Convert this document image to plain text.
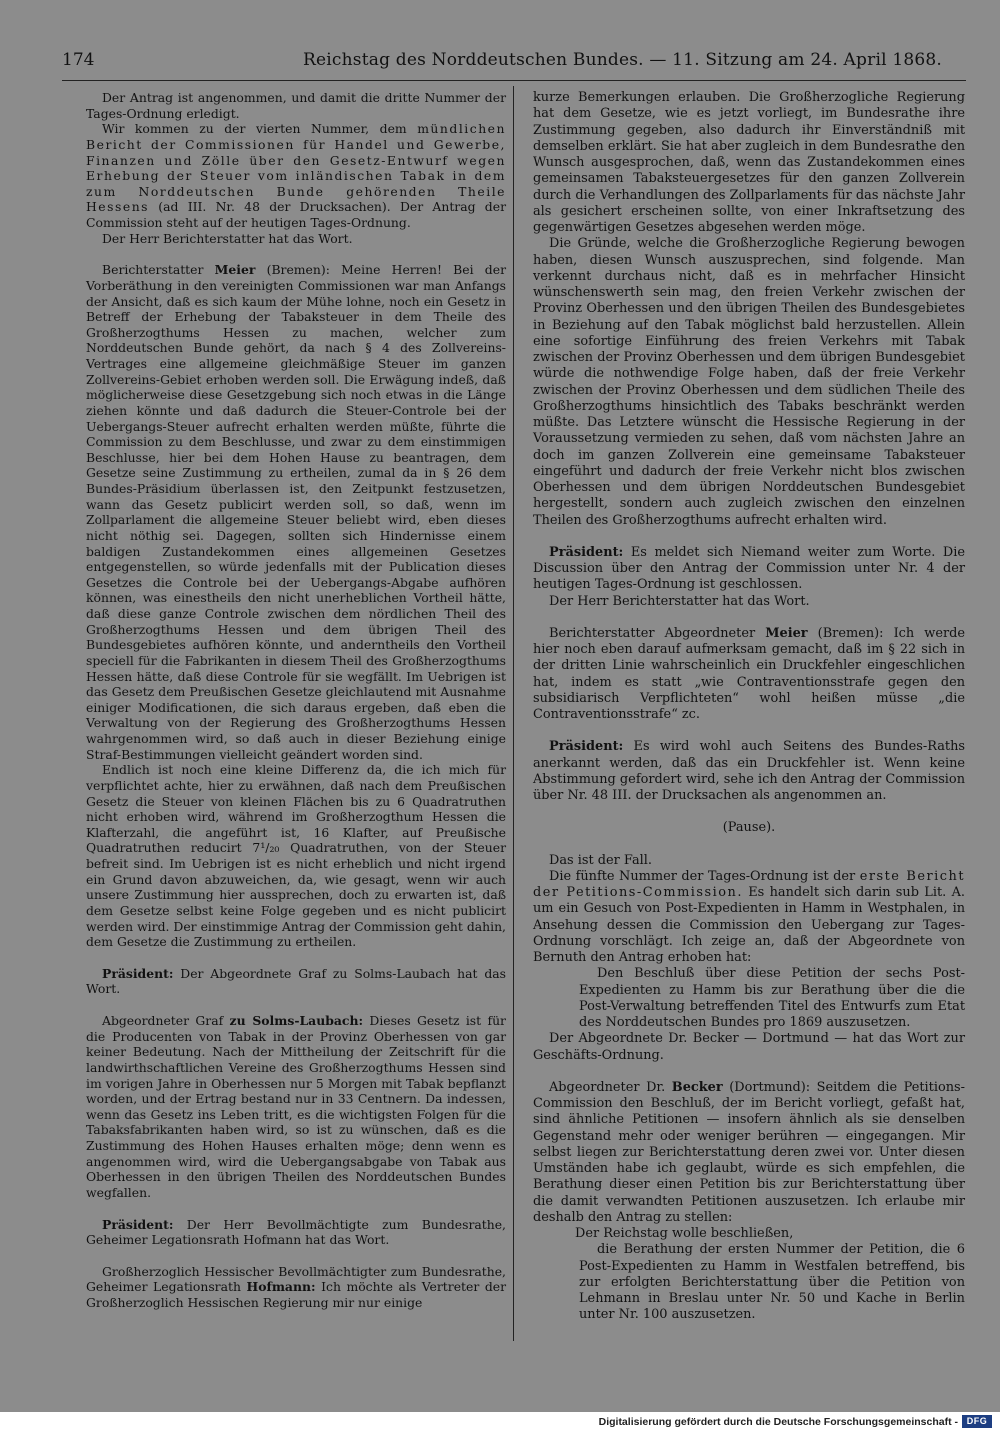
174	Reichstag des Norddeutschen Bundes. — 11. Sitzung am 24. April 1868.

Der Antrag ist angenommen, und damit die dritte Nummer der Tages-Ordnung erledigt.

Wir kommen zu der vierten Nummer, dem mündlichen Bericht der Commissionen für Handel und Gewerbe, Finanzen und Zölle über den Gesetz-Entwurf wegen Erhebung der Steuer vom inländischen Tabak in dem zum Norddeutschen Bunde gehörenden Theile Hessens (ad III. Nr. 48 der Drucksachen). Der Antrag der Commission steht auf der heutigen Tages-Ordnung.

Der Herr Berichterstatter hat das Wort.

Berichterstatter Meier (Bremen): Meine Herren! Bei der Vorberäthung in den vereinigten Commissionen war man Anfangs der Ansicht, daß es sich kaum der Mühe lohne, noch ein Gesetz in Betreff der Erhebung der Tabaksteuer in dem Theile des Großherzogthums Hessen zu machen, welcher zum Norddeutschen Bunde gehört, da nach § 4 des Zollvereins-Vertrages eine allgemeine gleichmäßige Steuer im ganzen Zollvereins-Gebiet erhoben werden soll. Die Erwägung indeß, daß möglicherweise diese Gesetzgebung sich noch etwas in die Länge ziehen könnte und daß dadurch die Steuer-Controle bei der Uebergangs-Steuer aufrecht erhalten werden müßte, führte die Commission zu dem Beschlusse, und zwar zu dem einstimmigen Beschlusse, hier bei dem Hohen Hause zu beantragen, dem Gesetze seine Zustimmung zu ertheilen, zumal da in § 26 dem Bundes-Präsidium überlassen ist, den Zeitpunkt festzusetzen, wann das Gesetz publicirt werden soll, so daß, wenn im Zollparlament die allgemeine Steuer beliebt wird, eben dieses nicht nöthig sei. Dagegen, sollten sich Hindernisse einem baldigen Zustandekommen eines allgemeinen Gesetzes entgegenstellen, so würde jedenfalls mit der Publication dieses Gesetzes die Controle bei der Uebergangs-Abgabe aufhören können, was einestheils den nicht unerheblichen Vortheil hätte, daß diese ganze Controle zwischen dem nördlichen Theil des Großherzogthums Hessen und dem übrigen Theil des Bundesgebietes aufhören könnte, und anderntheils den Vortheil speciell für die Fabrikanten in diesem Theil des Großherzogthums Hessen hätte, daß diese Controle für sie wegfällt. Im Uebrigen ist das Gesetz dem Preußischen Gesetze gleichlautend mit Ausnahme einiger Modificationen, die sich daraus ergeben, daß eben die Verwaltung von der Regierung des Großherzogthums Hessen wahrgenommen wird, so daß auch in dieser Beziehung einige Straf-Bestimmungen vielleicht geändert worden sind.

Endlich ist noch eine kleine Differenz da, die ich mich für verpflichtet achte, hier zu erwähnen, daß nach dem Preußischen Gesetz die Steuer von kleinen Flächen bis zu 6 Quadratruthen nicht erhoben wird, während im Großherzogthum Hessen die Klafterzahl, die angeführt ist, 16 Klafter, auf Preußische Quadratruthen reducirt 7¹/₂₀ Quadratruthen, von der Steuer befreit sind. Im Uebrigen ist es nicht erheblich und nicht irgend ein Grund davon abzuweichen, da, wie gesagt, wenn wir auch unsere Zustimmung hier aussprechen, doch zu erwarten ist, daß dem Gesetze selbst keine Folge gegeben und es nicht publicirt werden wird. Der einstimmige Antrag der Commission geht dahin, dem Gesetze die Zustimmung zu ertheilen.

Präsident: Der Abgeordnete Graf zu Solms-Laubach hat das Wort.

Abgeordneter Graf zu Solms-Laubach: Dieses Gesetz ist für die Producenten von Tabak in der Provinz Oberhessen von gar keiner Bedeutung. Nach der Mittheilung der Zeitschrift für die landwirthschaftlichen Vereine des Großherzogthums Hessen sind im vorigen Jahre in Oberhessen nur 5 Morgen mit Tabak bepflanzt worden, und der Ertrag bestand nur in 33 Centnern. Da indessen, wenn das Gesetz ins Leben tritt, es die wichtigsten Folgen für die Tabaksfabrikanten haben wird, so ist zu wünschen, daß es die Zustimmung des Hohen Hauses erhalten möge; denn wenn es angenommen wird, wird die Uebergangsabgabe von Tabak aus Oberhessen in den übrigen Theilen des Norddeutschen Bundes wegfallen.

Präsident: Der Herr Bevollmächtigte zum Bundesrathe, Geheimer Legationsrath Hofmann hat das Wort.

Großherzoglich Hessischer Bevollmächtigter zum Bundesrathe, Geheimer Legationsrath Hofmann: Ich möchte als Vertreter der Großherzoglich Hessischen Regierung mir nur einige

kurze Bemerkungen erlauben. Die Großherzogliche Regierung hat dem Gesetze, wie es jetzt vorliegt, im Bundesrathe ihre Zustimmung gegeben, also dadurch ihr Einverständniß mit demselben erklärt. Sie hat aber zugleich in dem Bundesrathe den Wunsch ausgesprochen, daß, wenn das Zustandekommen eines gemeinsamen Tabaksteuergesetzes für den ganzen Zollverein durch die Verhandlungen des Zollparlaments für das nächste Jahr als gesichert erscheinen sollte, von einer Inkraftsetzung des gegenwärtigen Gesetzes abgesehen werden möge.

Die Gründe, welche die Großherzogliche Regierung bewogen haben, diesen Wunsch auszusprechen, sind folgende. Man verkennt durchaus nicht, daß es in mehrfacher Hinsicht wünschenswerth sein mag, den freien Verkehr zwischen der Provinz Oberhessen und den übrigen Theilen des Bundesgebietes in Beziehung auf den Tabak möglichst bald herzustellen. Allein eine sofortige Einführung des freien Verkehrs mit Tabak zwischen der Provinz Oberhessen und dem übrigen Bundesgebiet würde die nothwendige Folge haben, daß der freie Verkehr zwischen der Provinz Oberhessen und dem südlichen Theile des Großherzogthums hinsichtlich des Tabaks beschränkt werden müßte. Das Letztere wünscht die Hessische Regierung in der Voraussetzung vermieden zu sehen, daß vom nächsten Jahre an doch im ganzen Zollverein eine gemeinsame Tabaksteuer eingeführt und dadurch der freie Verkehr nicht blos zwischen Oberhessen und dem übrigen Norddeutschen Bundesgebiet hergestellt, sondern auch zugleich zwischen den einzelnen Theilen des Großherzogthums aufrecht erhalten wird.

Präsident: Es meldet sich Niemand weiter zum Worte. Die Discussion über den Antrag der Commission unter Nr. 4 der heutigen Tages-Ordnung ist geschlossen.

Der Herr Berichterstatter hat das Wort.

Berichterstatter Abgeordneter Meier (Bremen): Ich werde hier noch eben darauf aufmerksam gemacht, daß im § 22 sich in der dritten Linie wahrscheinlich ein Druckfehler eingeschlichen hat, indem es statt „wie Contraventionsstrafe gegen den subsidiarisch Verpflichteten“ wohl heißen müsse „die Contraventionsstrafe“ zc.

Präsident: Es wird wohl auch Seitens des Bundes-Raths anerkannt werden, daß das ein Druckfehler ist. Wenn keine Abstimmung gefordert wird, sehe ich den Antrag der Commission über Nr. 48 III. der Drucksachen als angenommen an.

(Pause).

Das ist der Fall.

Die fünfte Nummer der Tages-Ordnung ist der erste Bericht der Petitions-Commission. Es handelt sich darin sub Lit. A. um ein Gesuch von Post-Expedienten in Hamm in Westphalen, in Ansehung dessen die Commission den Uebergang zur Tages-Ordnung vorschlägt. Ich zeige an, daß der Abgeordnete von Bernuth den Antrag erhoben hat:

Den Beschluß über diese Petition der sechs Post-Expedienten zu Hamm bis zur Berathung über die die Post-Verwaltung betreffenden Titel des Entwurfs zum Etat des Norddeutschen Bundes pro 1869 auszusetzen.

Der Abgeordnete Dr. Becker — Dortmund — hat das Wort zur Geschäfts-Ordnung.

Abgeordneter Dr. Becker (Dortmund): Seitdem die Petitions-Commission den Beschluß, der im Bericht vorliegt, gefaßt hat, sind ähnliche Petitionen — insofern ähnlich als sie denselben Gegenstand mehr oder weniger berühren — eingegangen. Mir selbst liegen zur Berichterstattung deren zwei vor. Unter diesen Umständen habe ich geglaubt, würde es sich empfehlen, die Berathung dieser einen Petition bis zur Berichterstattung über die damit verwandten Petitionen auszusetzen. Ich erlaube mir deshalb den Antrag zu stellen:

Der Reichstag wolle beschließen,

die Berathung der ersten Nummer der Petition, die 6 Post-Expedienten zu Hamm in Westfalen betreffend, bis zur erfolgten Berichterstattung über die Petition von Lehmann in Breslau unter Nr. 50 und Kache in Berlin unter Nr. 100 auszusetzen.

Digitalisierung gefördert durch die Deutsche Forschungsgemeinschaft - DFG
